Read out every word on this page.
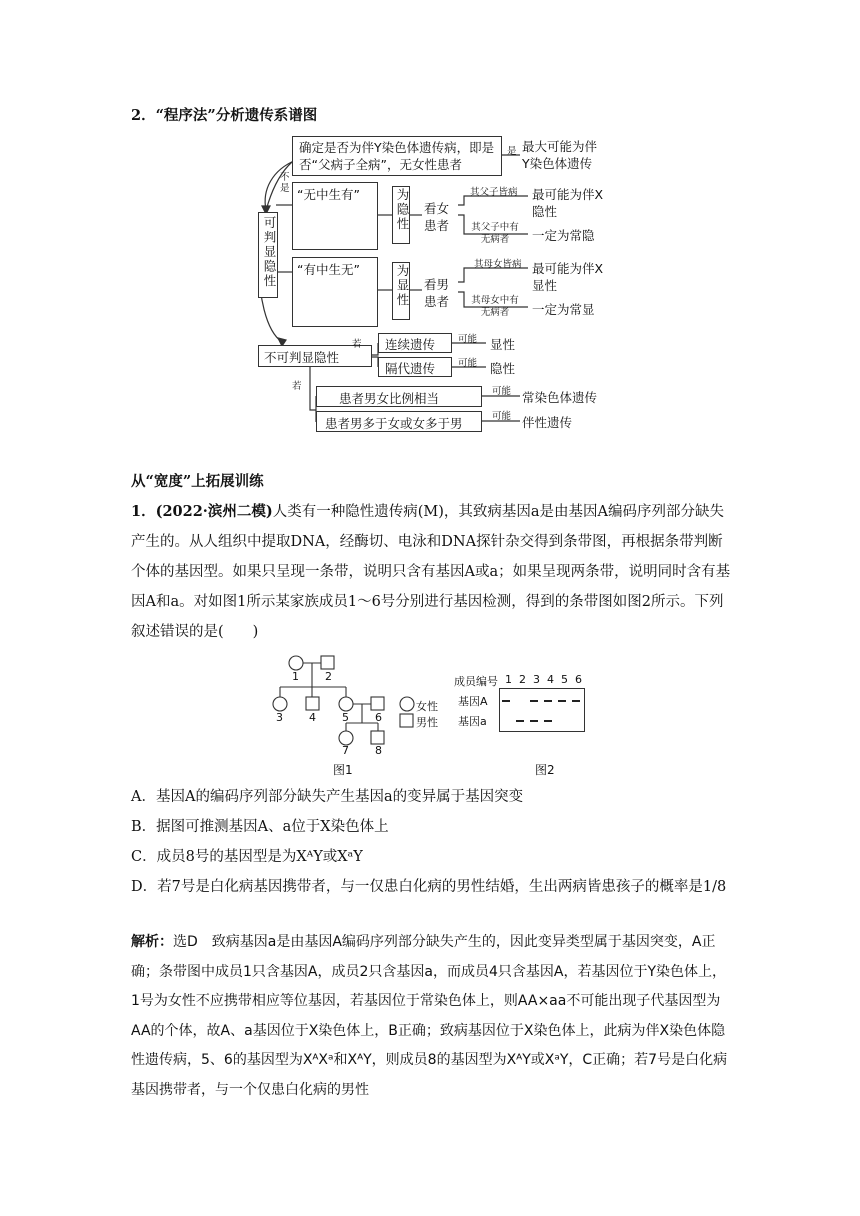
2．“程序法”分析遗传系谱图
确定是否为伴Y染色体遗传病，即是否“父病子全病”，无女性患者
是 最大可能为伴Y染色体遗传
不是
可判显隐性
“无中生有”	为隐性 看女患者
其父子皆病 最可能为伴X隐性
其父子中有无病者	一定为常隐
“有中生无”	为显性 看男患者
其母女皆病 最可能为伴X显性
其母女中有无病者	一定为常显
不可判显隐性
若 连续遗传
隔代遗传
可能
可能
显性
隐性
若
患者男女比例相当
患者男多于女或女多于男
可能
可能
常染色体遗传
伴性遗传
从“宽度”上拓展训练
1．(2022·滨州二模)人类有一种隐性遗传病(M)，其致病基因a是由基因A编码序列部分缺失产生的。从人组织中提取DNA，经酶切、电泳和DNA探针杂交得到条带图，再根据条带判断个体的基因型。如果只呈现一条带，说明只含有基因A或a；如果呈现两条带，说明同时含有基因A和a。对如图1所示某家族成员1～6号分别进行基因检测，得到的条带图如图2所示。下列叙述错误的是(　　)
1 2
3 4 5 6
7 8
女性
男性
图1
成员编号 1 2 3 4 5 6
基因A
基因a
图2
A．基因A的编码序列部分缺失产生基因a的变异属于基因突变
B．据图可推测基因A、a位于X染色体上
C．成员8号的基因型是为XᴬY或XᵃY
D．若7号是白化病基因携带者，与一仅患白化病的男性结婚，生出两病皆患孩子的概率是1/8
解析：选D　致病基因a是由基因A编码序列部分缺失产生的，因此变异类型属于基因突变，A正确；条带图中成员1只含基因A，成员2只含基因a，而成员4只含基因A，若基因位于Y染色体上，1号为女性不应携带相应等位基因，若基因位于常染色体上，则AA×aa不可能出现子代基因型为AA的个体，故A、a基因位于X染色体上，B正确；致病基因位于X染色体上，此病为伴X染色体隐性遗传病，5、6的基因型为XᴬXᵃ和XᴬY，则成员8的基因型为XᴬY或XᵃY，C正确；若7号是白化病基因携带者，与一个仅患白化病的男性
